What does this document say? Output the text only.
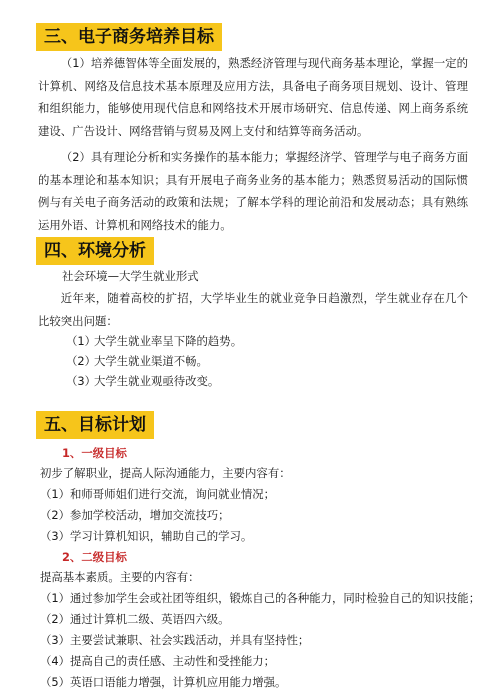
三、电子商务培养目标
（1）培养德智体等全面发展的，熟悉经济管理与现代商务基本理论，掌握一定的计算机、网络及信息技术基本原理及应用方法，具备电子商务项目规划、设计、管理和组织能力，能够使用现代信息和网络技术开展市场研究、信息传递、网上商务系统建设、广告设计、网络营销与贸易及网上支付和结算等商务活动。
（2）具有理论分析和实务操作的基本能力；掌握经济学、管理学与电子商务方面的基本理论和基本知识；具有开展电子商务业务的基本能力；熟悉贸易活动的国际惯例与有关电子商务活动的政策和法规；了解本学科的理论前沿和发展动态；具有熟练运用外语、计算机和网络技术的能力。
四、环境分析
社会环境—大学生就业形式
近年来，随着高校的扩招，大学毕业生的就业竞争日趋激烈，学生就业存在几个比较突出问题：
（1）大学生就业率呈下降的趋势。
（2）大学生就业渠道不畅。
（3）大学生就业观亟待改变。
五、目标计划
1、一级目标
初步了解职业，提高人际沟通能力，主要内容有：
（1）和师哥师姐们进行交流，询问就业情况；
（2）参加学校活动，增加交流技巧；
（3）学习计算机知识，辅助自己的学习。
2、二级目标
提高基本素质。主要的内容有：
（1）通过参加学生会或社团等组织，锻炼自己的各种能力，同时检验自己的知识技能；
（2）通过计算机二级、英语四六级。
（3）主要尝试兼职、社会实践活动，并具有坚持性；
（4）提高自己的责任感、主动性和受挫能力；
（5）英语口语能力增强，计算机应用能力增强。
